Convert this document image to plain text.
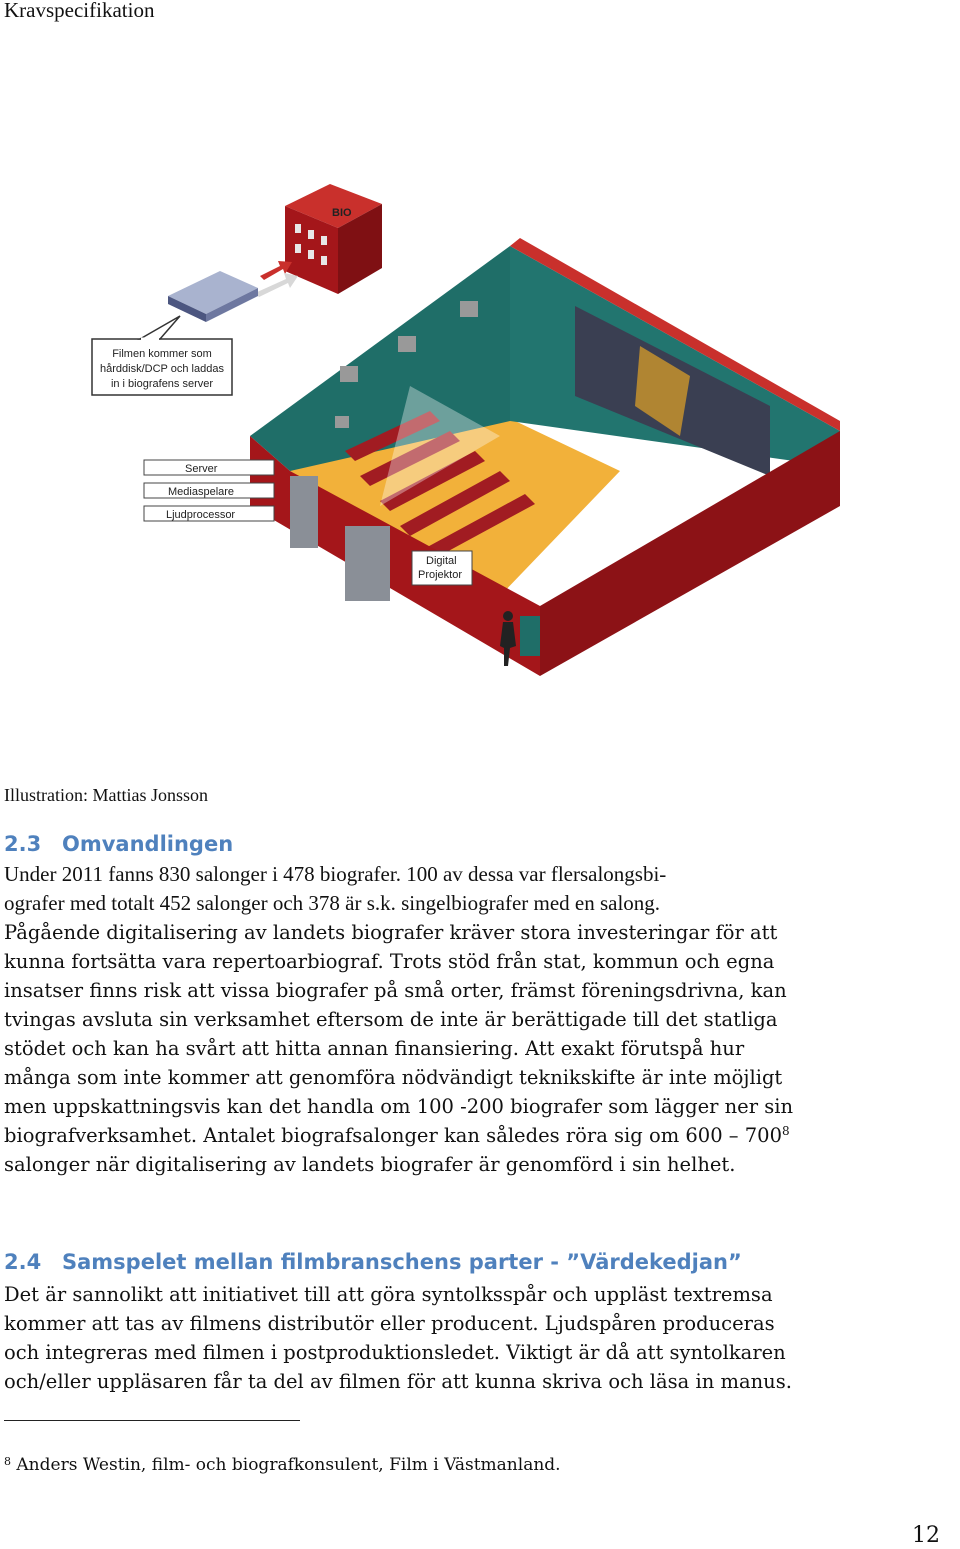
Kravspecifikation
BIO
Filmen kommer som
hårddisk/DCP och laddas
in i biografens server
Server
Mediaspelare
Ljudprocessor
Digital
Projektor
Illustration: Mattias Jonsson
2.3 Omvandlingen
Under 2011 fanns 830 salonger i 478 biografer. 100 av dessa var flersalongsbi-
ografer med totalt 452 salonger och 378 är s.k. singelbiografer med en salong.
Pågående digitalisering av landets biografer kräver stora investeringar för att
kunna fortsätta vara repertoarbiograf. Trots stöd från stat, kommun och egna
insatser finns risk att vissa biografer på små orter, främst föreningsdrivna, kan
tvingas avsluta sin verksamhet eftersom de inte är berättigade till det statliga
stödet och kan ha svårt att hitta annan finansiering. Att exakt förutspå hur
många som inte kommer att genomföra nödvändigt teknikskifte är inte möjligt
men uppskattningsvis kan det handla om 100 -200 biografer som lägger ner sin
biografverksamhet. Antalet biografsalonger kan således röra sig om $600 - 700^8$
salonger när digitalisering av landets biografer är genomförd i sin helhet.
2.4 Samspelet mellan filmbranschens parter - ”Värdekedjan”
Det är sannolikt att initiativet till att göra syntolksspår och uppläst textremsa
kommer att tas av filmens distributör eller producent. Ljudspåren produceras
och integreras med filmen i postproduktionsledet. Viktigt är då att syntolkaren
och/eller uppläsaren får ta del av filmen för att kunna skriva och läsa in manus.
$^8$ Anders Westin, film- och biografkonsulent, Film i Västmanland.
12
